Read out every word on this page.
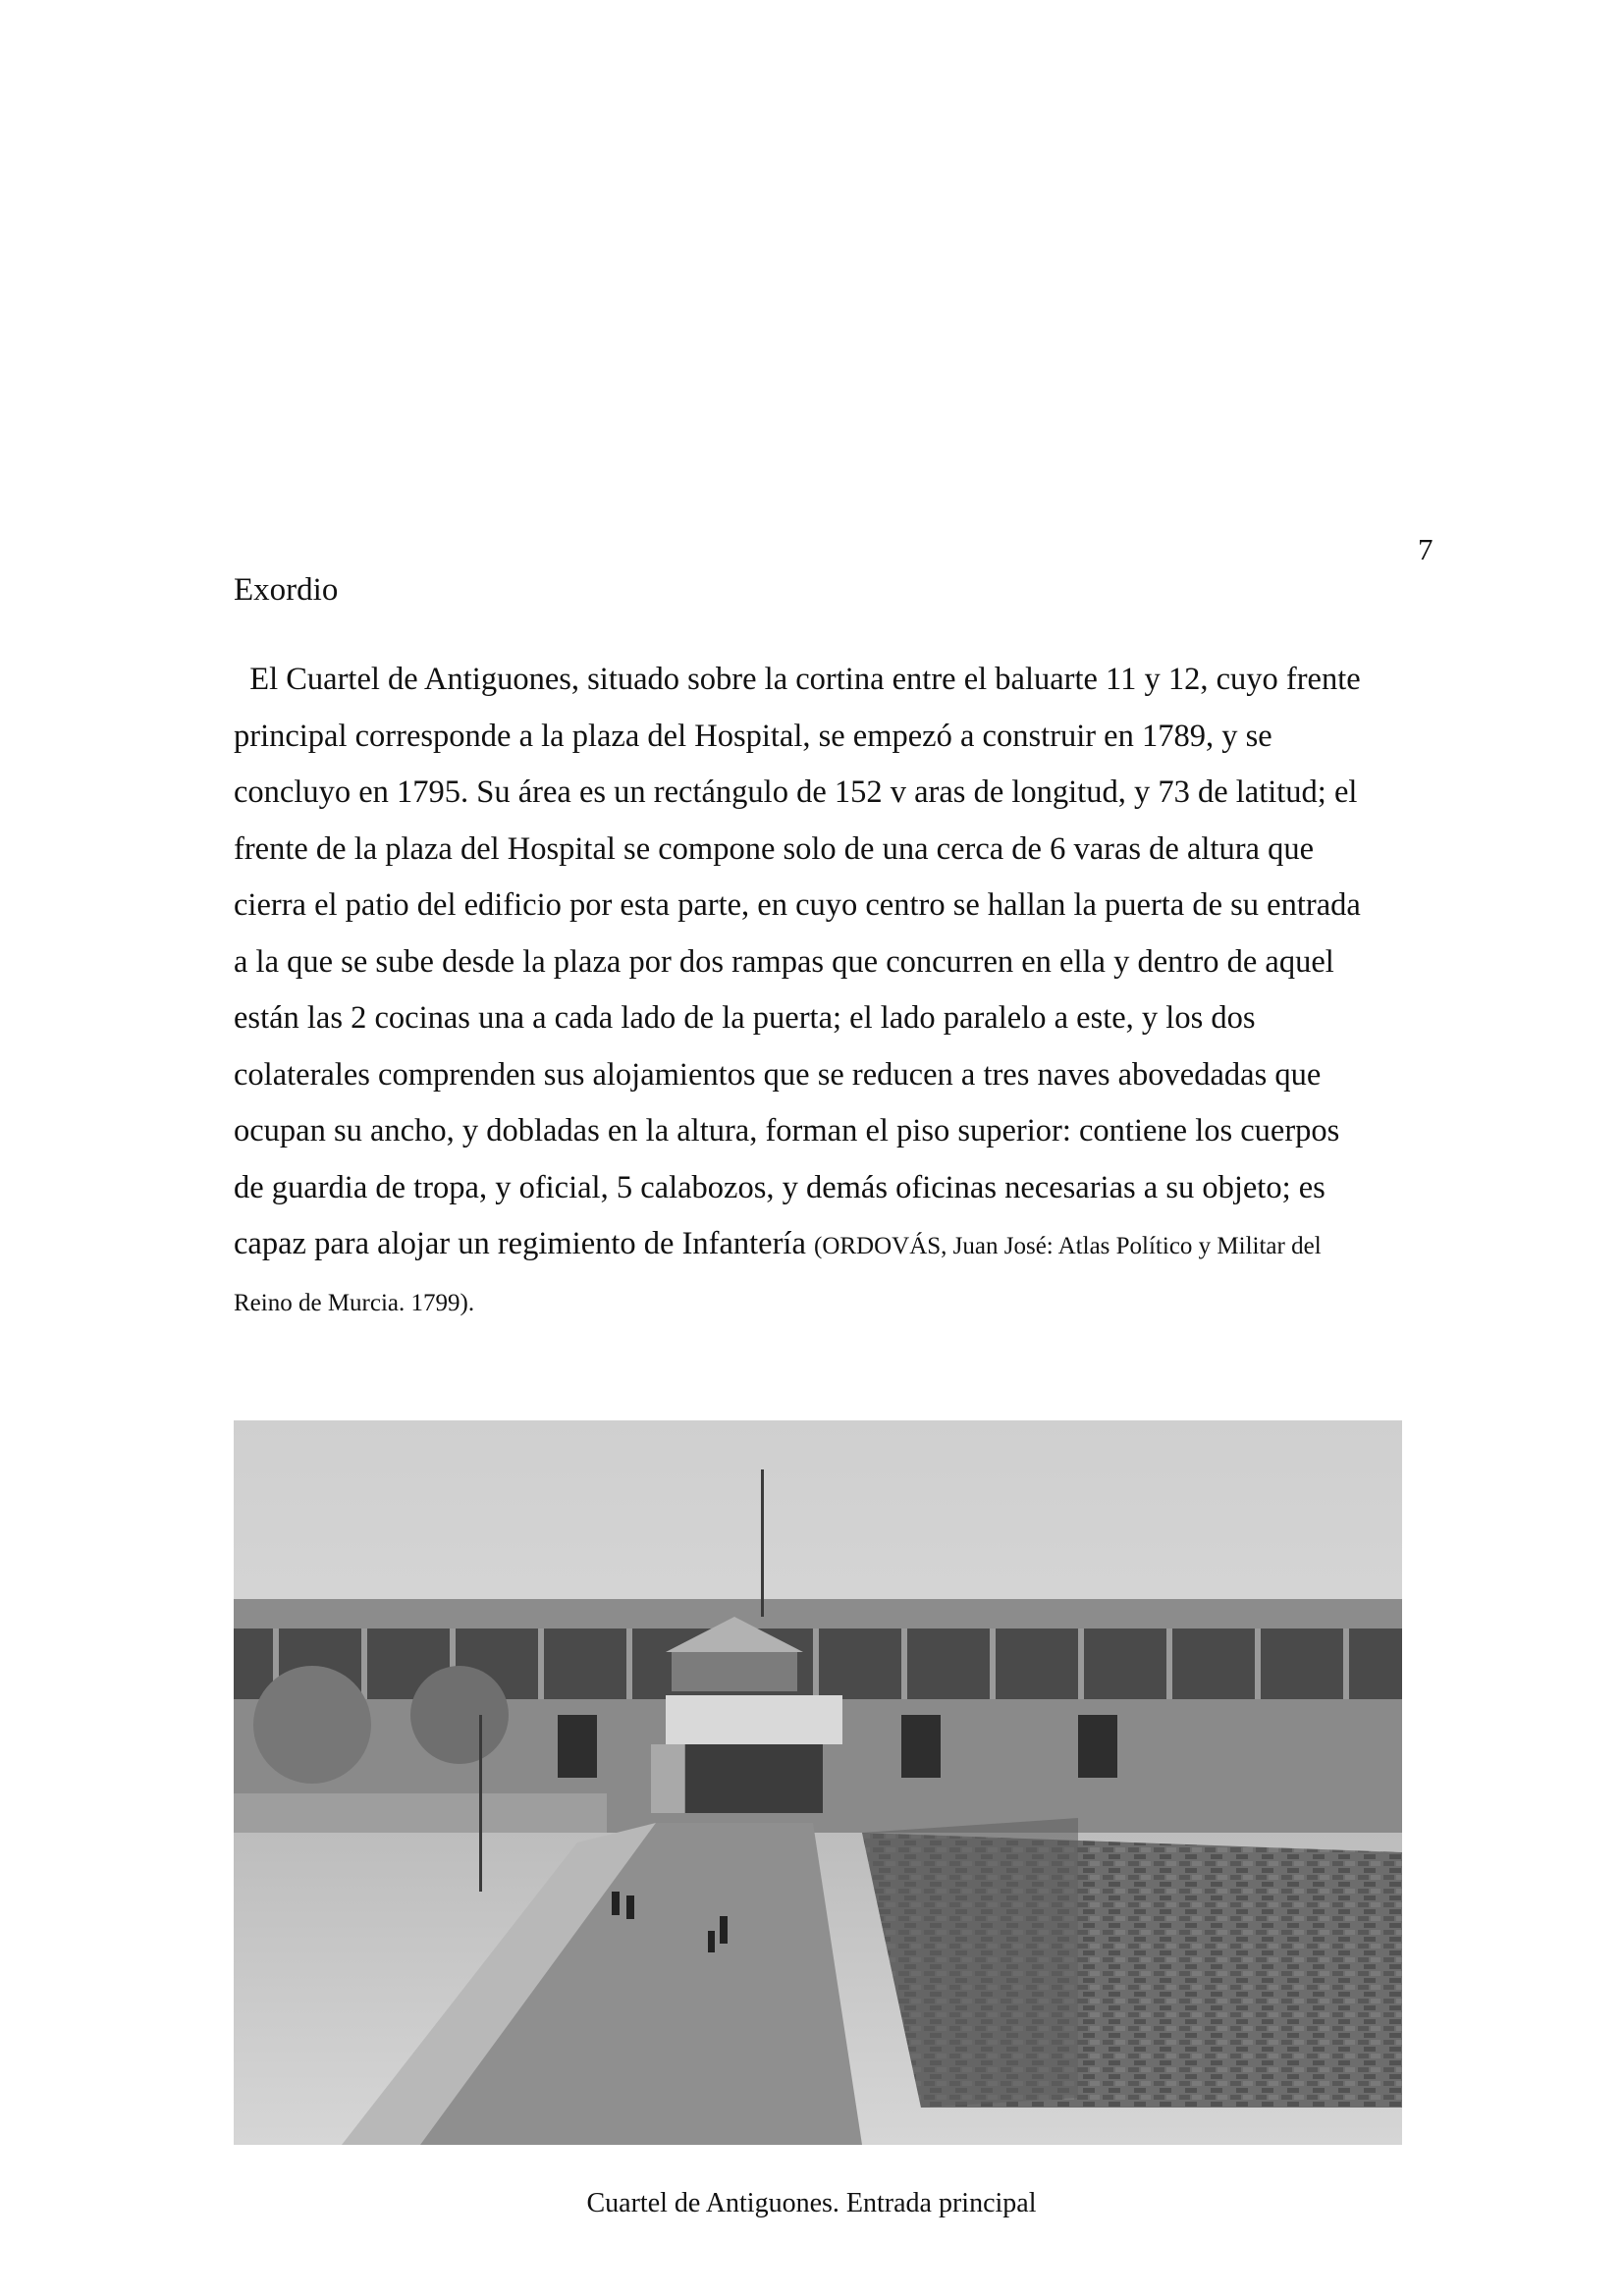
7
Exordio
El Cuartel de Antiguones, situado sobre la cortina entre el baluarte 11 y 12, cuyo frente
principal corresponde a la plaza del Hospital, se empezó a construir en 1789, y se
concluyo en 1795. Su área es un rectángulo de 152 v aras de longitud, y 73 de latitud; el
frente de la plaza del Hospital se compone solo de una cerca de 6 varas de altura que
cierra el patio del edificio por esta parte, en cuyo centro se hallan la puerta de su entrada
a la que se sube desde la plaza por dos rampas que concurren en ella y dentro de aquel
están las 2 cocinas una a cada lado de la puerta; el lado paralelo a este, y los dos
colaterales comprenden sus alojamientos que se reducen a tres naves abovedadas que
ocupan su ancho, y dobladas en la altura, forman el piso superior: contiene los cuerpos
de guardia de tropa, y oficial, 5 calabozos, y demás oficinas necesarias a su objeto; es
capaz para alojar un regimiento de Infantería (ORDOVÁS, Juan José: Atlas Político y Militar del
Reino de Murcia. 1799).
Cuartel de Antiguones. Entrada principal
